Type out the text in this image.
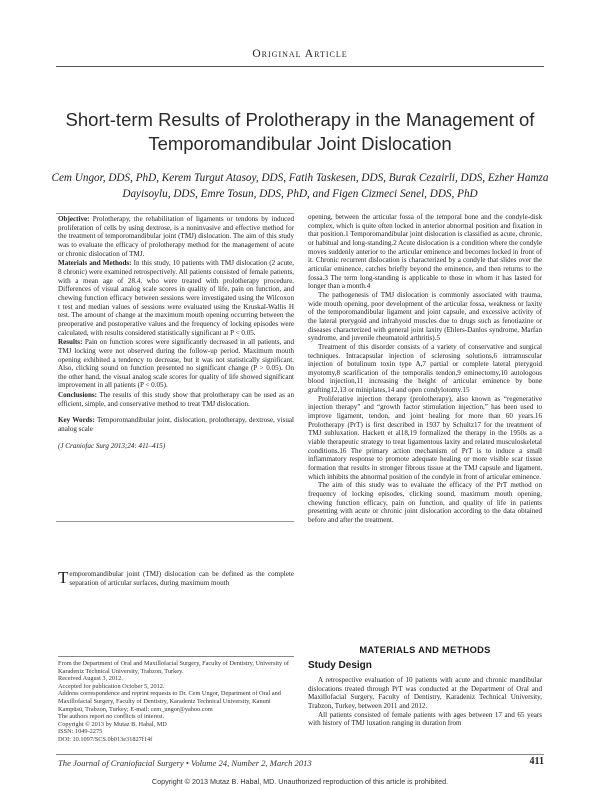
Original Article
Short-term Results of Prolotherapy in the Management of Temporomandibular Joint Dislocation
Cem Ungor, DDS, PhD, Kerem Turgut Atasoy, DDS, Fatih Taskesen, DDS, Burak Cezairli, DDS, Ezher Hamza Dayisoylu, DDS, Emre Tosun, DDS, PhD, and Figen Cizmeci Senel, DDS, PhD

Objective: Prolotherapy, the rehabilitation of ligaments or tendons by induced proliferation of cells by using dextrose, is a noninvasive and effective method for the treatment of temporomandibular joint (TMJ) dislocation. The aim of this study was to evaluate the efficacy of prolotherapy method for the management of acute or chronic dislocation of TMJ.

Materials and Methods: In this study, 10 patients with TMJ dislocation (2 acute, 8 chronic) were examined retrospectively. All patients consisted of female patients, with a mean age of 28.4, who were treated with prolotherapy procedure. Differences of visual analog scale scores in quality of life, pain on function, and chewing function efficacy between sessions were investigated using the Wilcoxon t test and median values of sessions were evaluated using the Kruskal-Wallis H test. The amount of change at the maximum mouth opening occurring between the preoperative and postoperative values and the frequency of locking episodes were calculated, with results considered statistically significant at P < 0.05.

Results: Pain on function scores were significantly decreased in all patients, and TMJ locking were not observed during the follow-up period. Maximum mouth opening exhibited a tendency to decrease, but it was not statistically significant. Also, clicking sound on function presented no significant change (P > 0.05). On the other hand, the visual analog scale scores for quality of life showed significant improvement in all patients (P < 0.05).

Conclusions: The results of this study show that prolotherapy can be used as an efficient, simple, and conservative method to treat TMJ dislocation.

Key Words: Temporomandibular joint, dislocation, prolotherapy, dextrose, visual analog scale

(J Craniofac Surg 2013;24: 411–415)

Temporomandibular joint (TMJ) dislocation can be defined as the complete separation of articular surfaces, during maximum mouth

From the Department of Oral and Maxillofacial Surgery, Faculty of Dentistry, University of Karadeniz Technical University, Trabzon, Turkey.
Received August 3, 2012.
Accepted for publication October 5, 2012.
Address correspondence and reprint requests to Dr. Cem Ungor, Department of Oral and Maxillofacial Surgery, Faculty of Dentistry, Karadeniz Technical University, Kanuni Kampüsü, Trabzon, Turkey; E-mail: cem_ungor@yahoo.com
The authors report no conflicts of interest.
Copyright © 2013 by Mutaz B. Habal, MD
ISSN: 1049-2275
DOI: 10.1097/SCS.0b013e31827f14f

opening, between the articular fossa of the temporal bone and the condyle-disk complex, which is quite often locked in anterior abnormal position and fixation in that position.1 Temporomandibular joint dislocation is classified as acute, chronic, or habitual and long-standing.2 Acute dislocation is a condition where the condyle moves suddenly anterior to the articular eminence and becomes locked in front of it. Chronic recurrent dislocation is characterized by a condyle that slides over the articular eminence, catches briefly beyond the eminence, and then returns to the fossa.3 The term long-standing is applicable to those in whom it has lasted for longer than a month.4

The pathogenesis of TMJ dislocation is commonly associated with trauma, wide mouth opening, poor development of the articular fossa, weakness or laxity of the temporomandibular ligament and joint capsule, and excessive activity of the lateral pterygoid and infrahyoid muscles due to drugs such as fenotiazine or diseases characterized with general joint laxity (Ehlers-Danlos syndrome, Marfan syndrome, and juvenile rheumatoid arthritis).5

Treatment of this disorder consists of a variety of conservative and surgical techniques. Intracapsular injection of sclerosing solutions,6 intramuscular injection of botulinum toxin type A,7 partial or complete lateral pterygoid myotomy,8 scarification of the temporalis tendon,9 eminectomy,10 autologous blood injection,11 increasing the height of articular eminence by bone grafting12,13 or miniplates,14 and open condylotomy.15

Proliferative injection therapy (prolotherapy), also known as “regenerative injection therapy” and “growth factor stimulation injection,” has been used to improve ligament, tendon, and joint healing for more than 60 years.16 Prolotherapy (PrT) is first described in 1937 by Schultz17 for the treatment of TMJ subluxation. Hackett et al18,19 formalized the therapy in the 1950s as a viable therapeutic strategy to treat ligamentous laxity and related musculoskeletal conditions.16 The primary action mechanism of PrT is to induce a small inflammatory response to promote adequate healing or more visible scar tissue formation that results in stronger fibrous tissue at the TMJ capsule and ligament, which inhibits the abnormal position of the condyle in front of articular eminence.

The aim of this study was to evaluate the efficacy of the PrT method on frequency of locking episodes, clicking sound, maximum mouth opening, chewing function efficacy, pain on function, and quality of life in patients presenting with acute or chronic joint dislocation according to the data obtained before and after the treatment.

MATERIALS AND METHODS
Study Design

A retrospective evaluation of 10 patients with acute and chronic mandibular dislocations treated through PrT was conducted at the Department of Oral and Maxillofacial Surgery, Faculty of Dentistry, Karadeniz Technical University, Trabzon, Turkey, between 2011 and 2012.

All patients consisted of female patients with ages between 17 and 65 years with history of TMJ luxation ranging in duration from

The Journal of Craniofacial Surgery • Volume 24, Number 2, March 2013	411
Copyright © 2013 Mutaz B. Habal, MD. Unauthorized reproduction of this article is prohibited.
